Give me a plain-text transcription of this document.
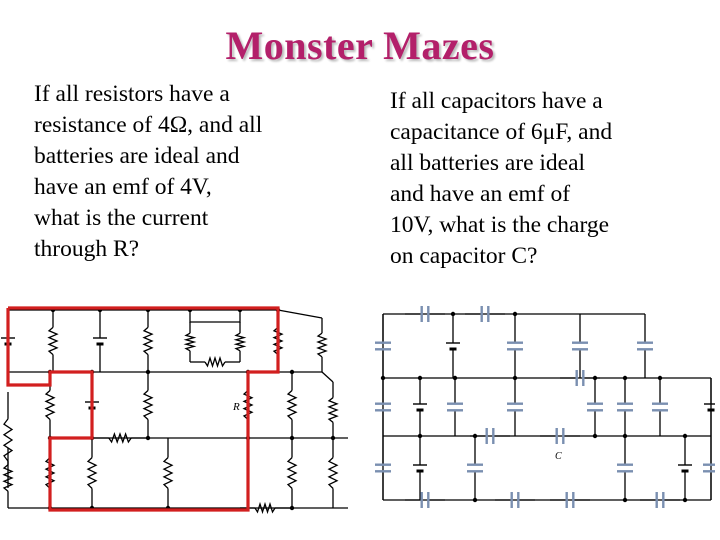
Monster Mazes
If all resistors have a
resistance of 4Ω, and all
batteries are ideal and
have an emf of 4V,
what is the current
through R?
If all capacitors have a
capacitance of 6μF, and
all batteries are ideal
and have an emf of
10V, what is the charge
on capacitor C?
R
C
